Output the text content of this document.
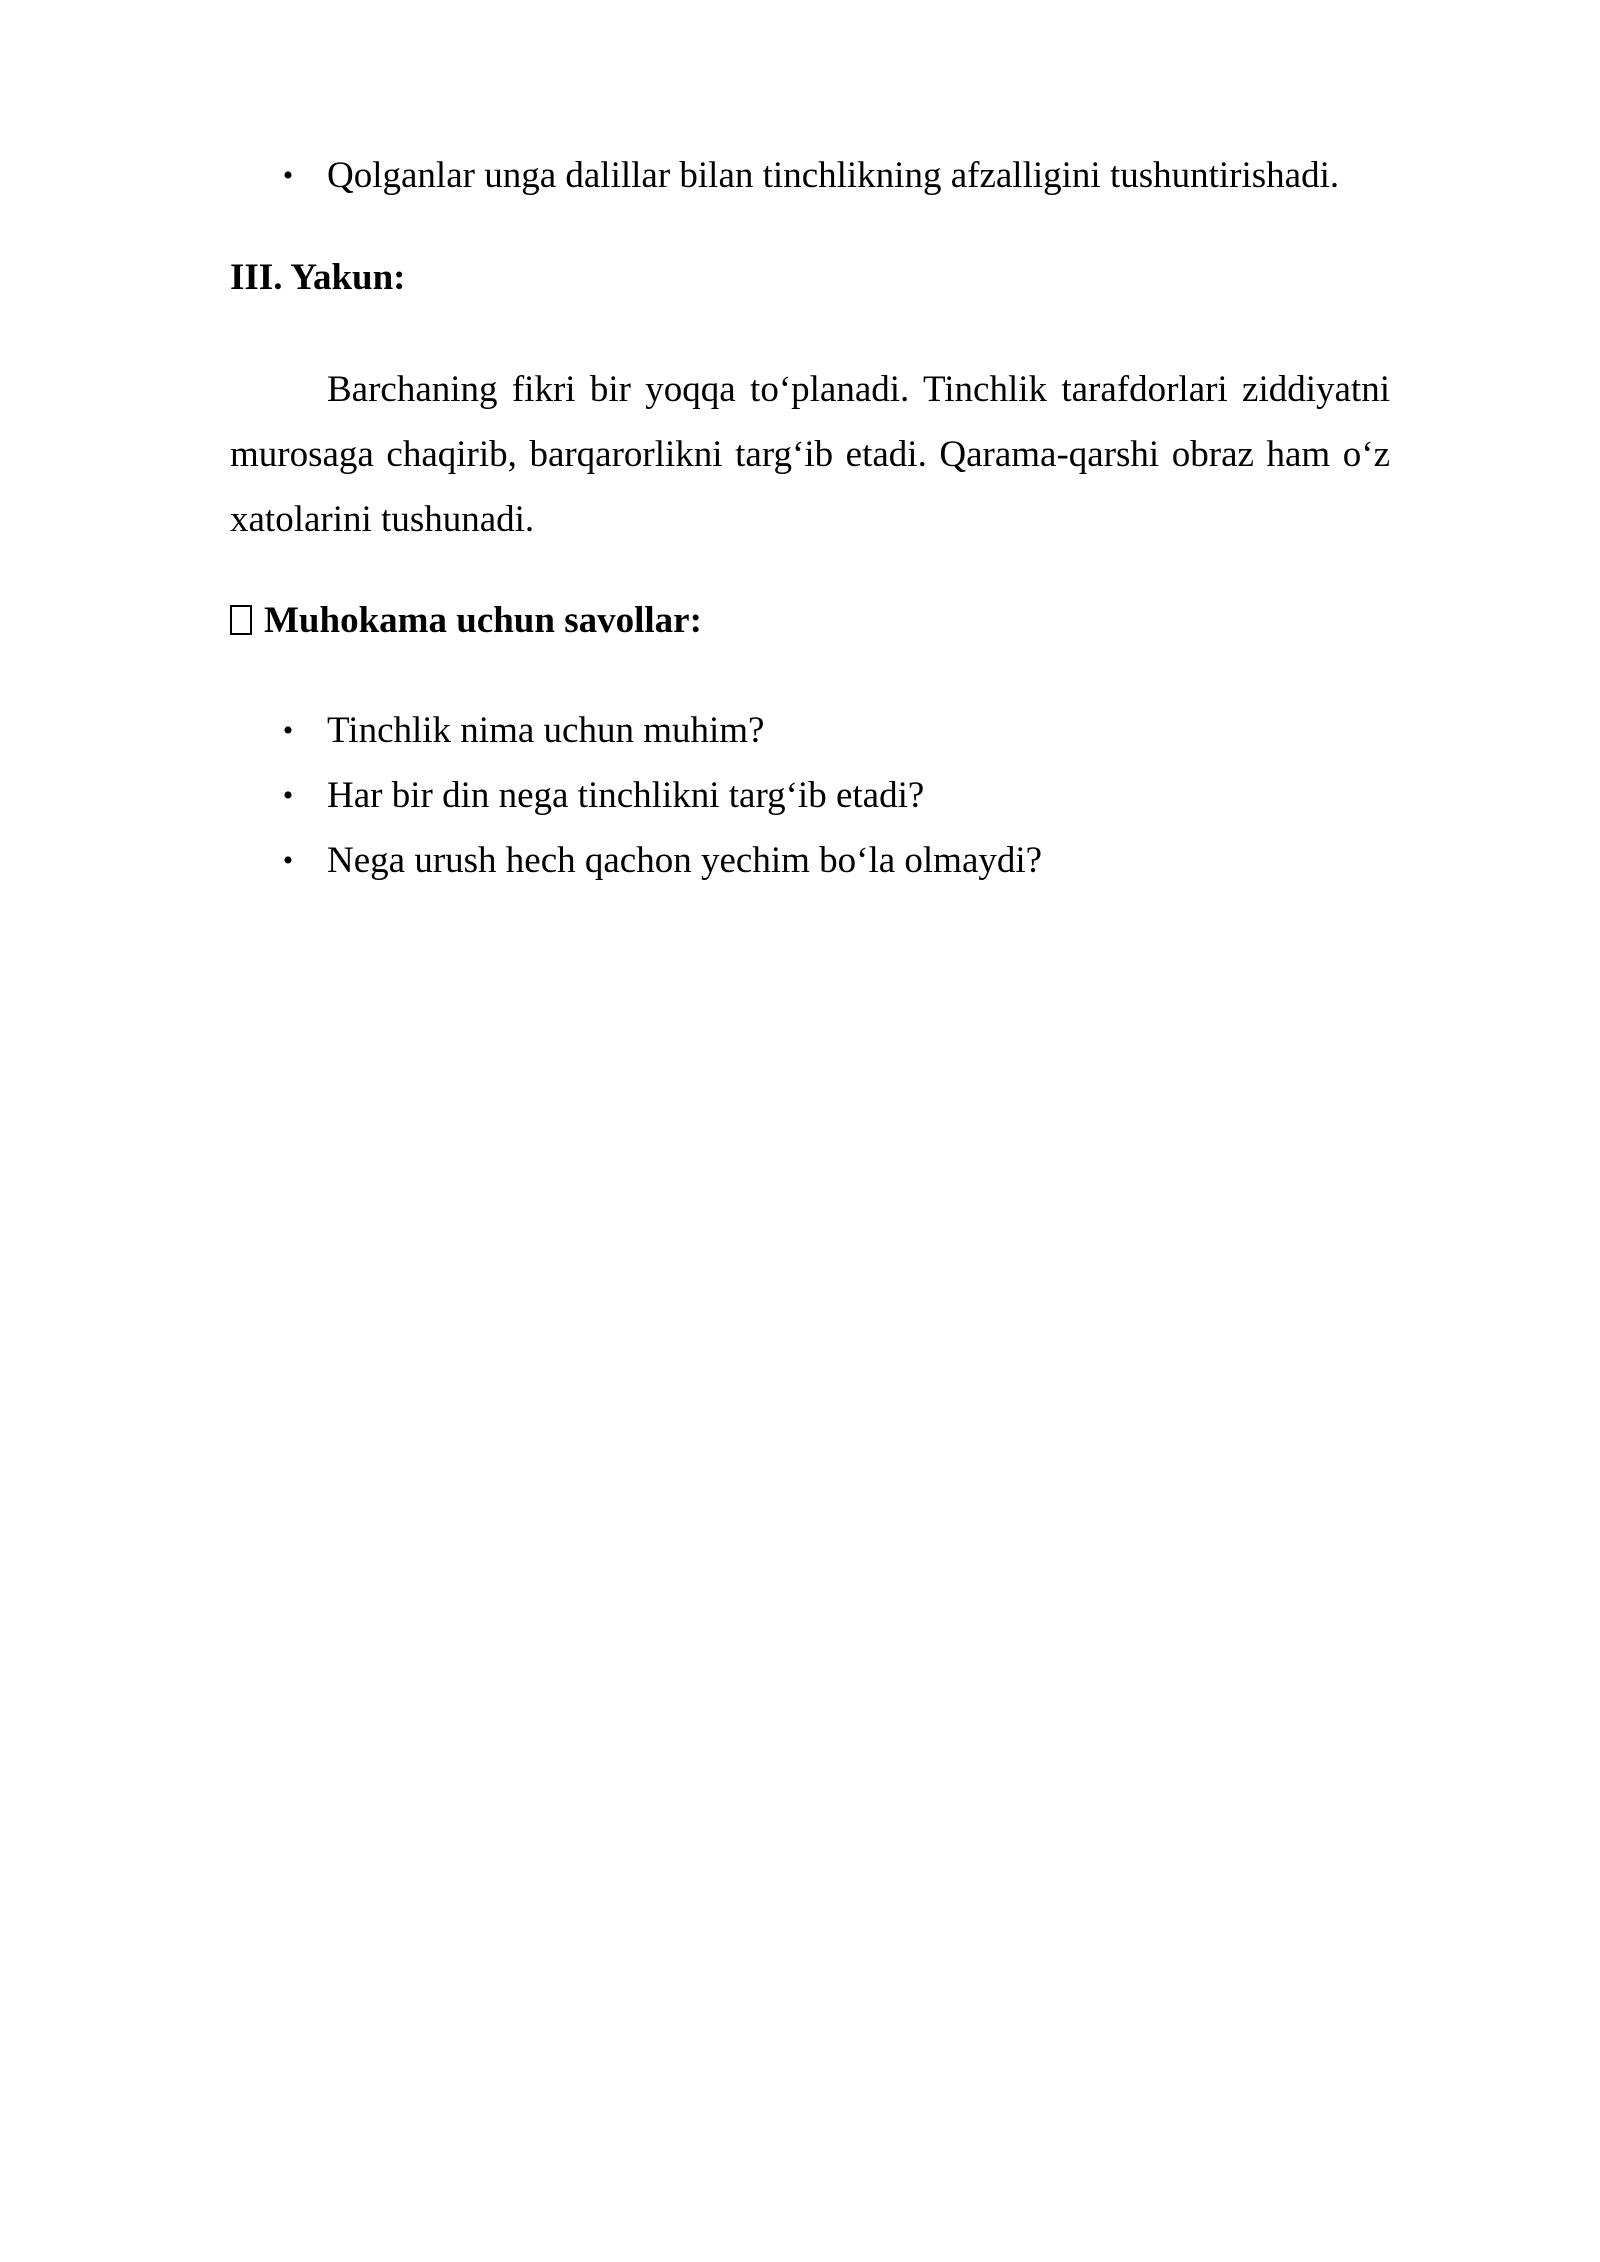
• Qolganlar unga dalillar bilan tinchlikning afzalligini tushuntirishadi.
III. Yakun:
Barchaning fikri bir yoqqa to‘planadi. Tinchlik tarafdorlari ziddiyatni murosaga chaqirib, barqarorlikni targ‘ib etadi. Qarama-qarshi obraz ham o‘z xatolarini tushunadi.
Muhokama uchun savollar:
• Tinchlik nima uchun muhim?
• Har bir din nega tinchlikni targ‘ib etadi?
• Nega urush hech qachon yechim bo‘la olmaydi?
